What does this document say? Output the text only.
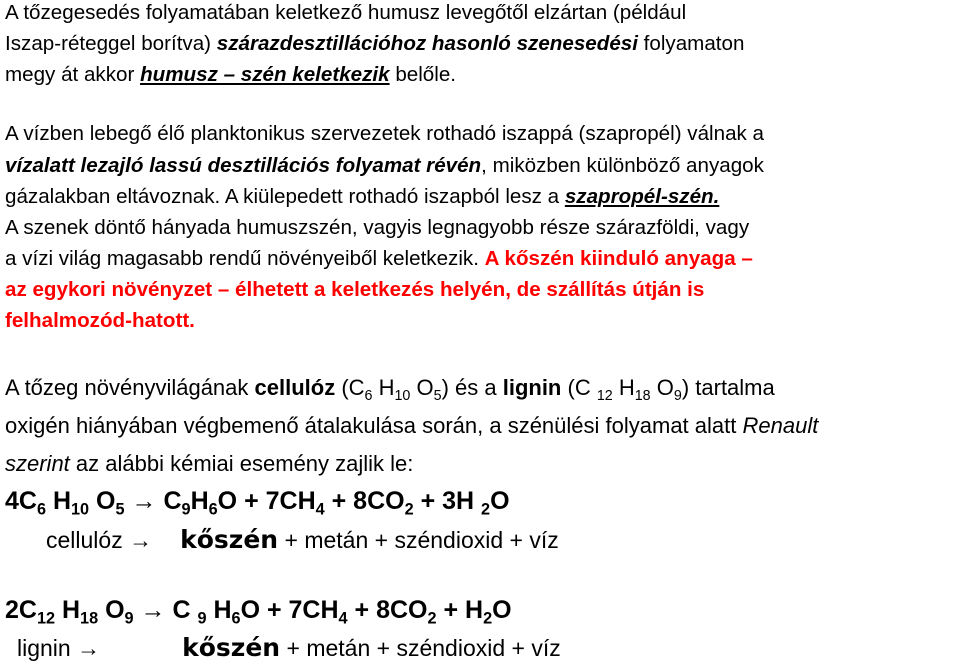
A tőzegesedés folyamatában keletkező humusz levegőtől elzártan (például
Iszap-réteggel borítva) szárazdesztillációhoz hasonló szenesedési folyamaton
megy át akkor humusz – szén keletkezik belőle.
A vízben lebegő élő planktonikus szervezetek rothadó iszappá (szapropél) válnak a
vízalatt lezajló lassú desztillációs folyamat révén, miközben különböző anyagok
gázalakban eltávoznak. A kiülepedett rothadó iszapból lesz a szapropél-szén.
A szenek döntő hányada humuszszén, vagyis legnagyobb része szárazföldi, vagy
a vízi világ magasabb rendű növényeiből keletkezik. A kőszén kiinduló anyaga –
az egykori növényzet – élhetett a keletkezés helyén, de szállítás útján is
felhalmozód-hatott.
A tőzeg növényvilágának cellulóz ($C_6$ $H_{10}$ $O_5$) és a lignin (C $_{12}$ $H_{18}$ $O_9$) tartalma
oxigén hiányában végbemenő átalakulása során, a szénülési folyamat alatt Renault
szerint az alábbi kémiai esemény zajlik le:
$4C_6$ $H_{10}$ $O_5 \to C_9H_6O + 7CH_4 + 8CO_2 + 3H$ $_2$O
cellulóz → kőszén + metán + széndioxid + víz
$2C_{12}$ $H_{18}$ $O_9 \to C$ $_9$ $H_6O + 7CH_4 + 8CO_2 + H_2O$
lignin →	kőszén + metán + széndioxid + víz
